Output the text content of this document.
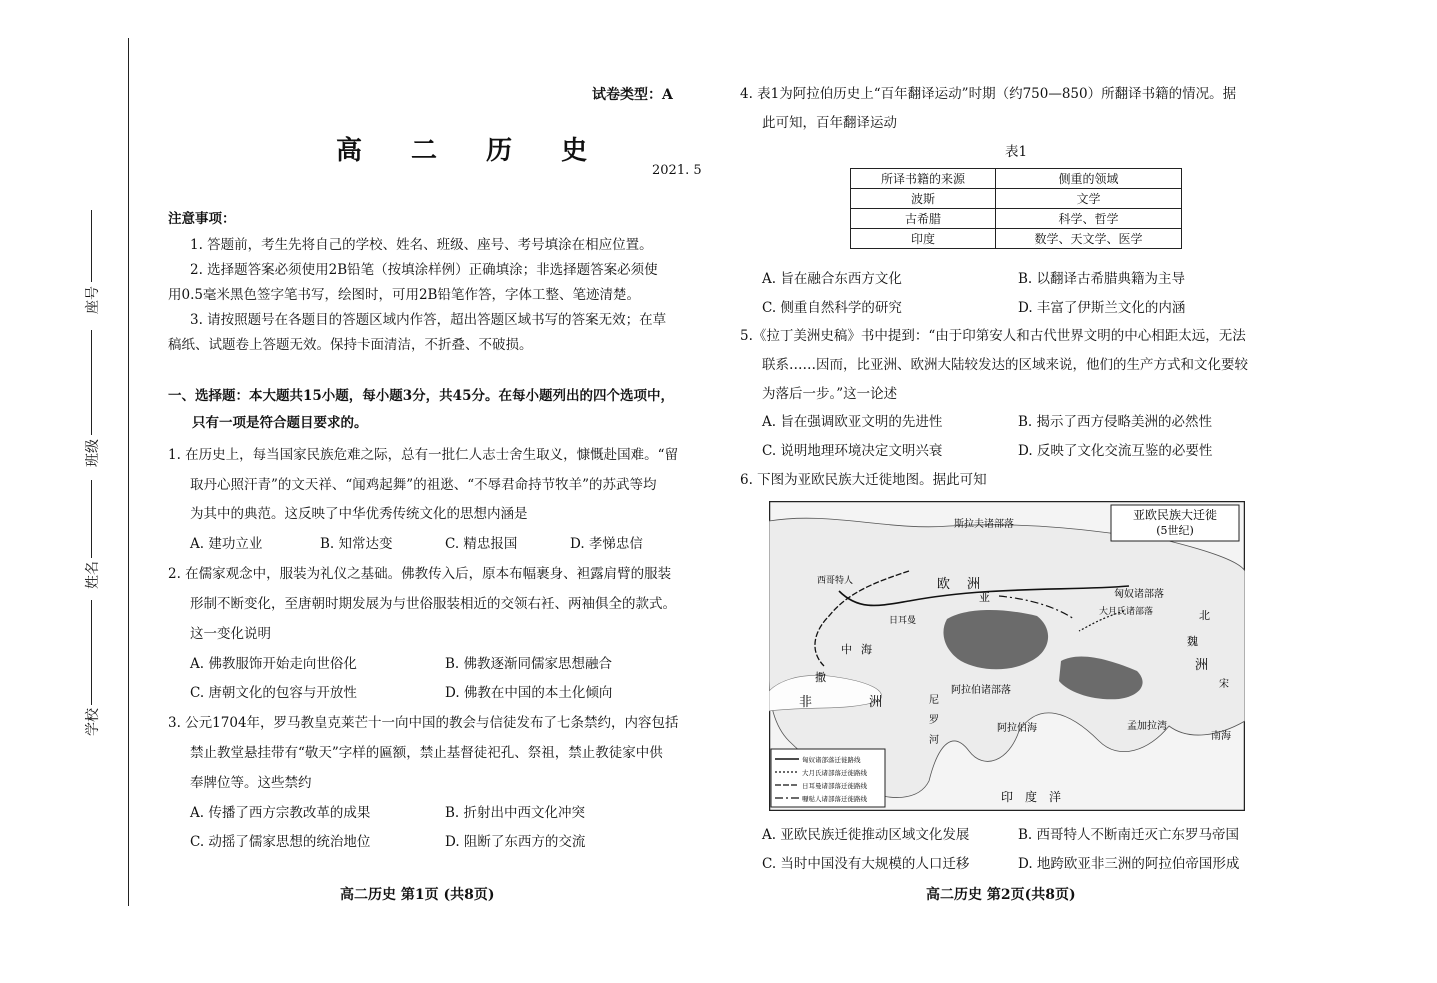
座号
班级
姓名
学校
试卷类型：A
高 二 历 史
2021. 5
注意事项：
1. 答题前，考生先将自己的学校、姓名、班级、座号、考号填涂在相应位置。
2. 选择题答案必须使用2B铅笔（按填涂样例）正确填涂；非选择题答案必须使
用0.5毫米黑色签字笔书写，绘图时，可用2B铅笔作答，字体工整、笔迹清楚。
3. 请按照题号在各题目的答题区域内作答，超出答题区域书写的答案无效；在草
稿纸、试题卷上答题无效。保持卡面清洁，不折叠、不破损。
一、选择题：本大题共15小题，每小题3分，共45分。在每小题列出的四个选项中，
只有一项是符合题目要求的。
1. 在历史上，每当国家民族危难之际，总有一批仁人志士舍生取义，慷慨赴国难。“留
取丹心照汗青”的文天祥、“闻鸡起舞”的祖逖、“不辱君命持节牧羊”的苏武等均
为其中的典范。这反映了中华优秀传统文化的思想内涵是
A. 建功立业	B. 知常达变	C. 精忠报国	D. 孝悌忠信
2. 在儒家观念中，服装为礼仪之基础。佛教传入后，原本布幅裹身、袒露肩臂的服装
形制不断变化，至唐朝时期发展为与世俗服装相近的交领右衽、两袖俱全的款式。
这一变化说明
A. 佛教服饰开始走向世俗化	B. 佛教逐渐同儒家思想融合
C. 唐朝文化的包容与开放性	D. 佛教在中国的本土化倾向
3. 公元1704年，罗马教皇克莱芒十一向中国的教会与信徒发布了七条禁约，内容包括
禁止教堂悬挂带有“敬天”字样的匾额，禁止基督徒祀孔、祭祖，禁止教徒家中供
奉牌位等。这些禁约
A. 传播了西方宗教改革的成果	B. 折射出中西文化冲突
C. 动摇了儒家思想的统治地位	D. 阻断了东西方的交流
高二历史 第1页 (共8页)
4. 表1为阿拉伯历史上“百年翻译运动”时期（约750—850）所翻译书籍的情况。据
此可知，百年翻译运动
表1
所译书籍的来源	侧重的领域
波斯	文学
古希腊	科学、哲学
印度	数学、天文学、医学
A. 旨在融合东西方文化	B. 以翻译古希腊典籍为主导
C. 侧重自然科学的研究	D. 丰富了伊斯兰文化的内涵
5.《拉丁美洲史稿》书中提到：“由于印第安人和古代世界文明的中心相距太远，无法
联系……因而，比亚洲、欧洲大陆较发达的区域来说，他们的生产方式和文化要较
为落后一步。”这一论述
A. 旨在强调欧亚文明的先进性	B. 揭示了西方侵略美洲的必然性
C. 说明地理环境决定文明兴衰	D. 反映了文化交流互鉴的必要性
6. 下图为亚欧民族大迁徙地图。据此可知
亚欧民族大迁徙
(5世纪)
斯拉夫诸部落
欧 洲
匈奴诸部落
大月氏诸部落	北
魏
洲
宋
阿拉伯诸部落
非	洲
阿拉伯海	孟加拉湾
南海
印 度 洋
西哥特人
日耳曼
亚
尼
罗
河
撒
中 海
匈奴诸部落迁徙路线
大月氏诸部落迁徙路线
日耳曼诸部落迁徙路线
嚈哒人诸部落迁徙路线
A. 亚欧民族迁徙推动区域文化发展	B. 西哥特人不断南迁灭亡东罗马帝国
C. 当时中国没有大规模的人口迁移	D. 地跨欧亚非三洲的阿拉伯帝国形成
高二历史 第2页(共8页)
